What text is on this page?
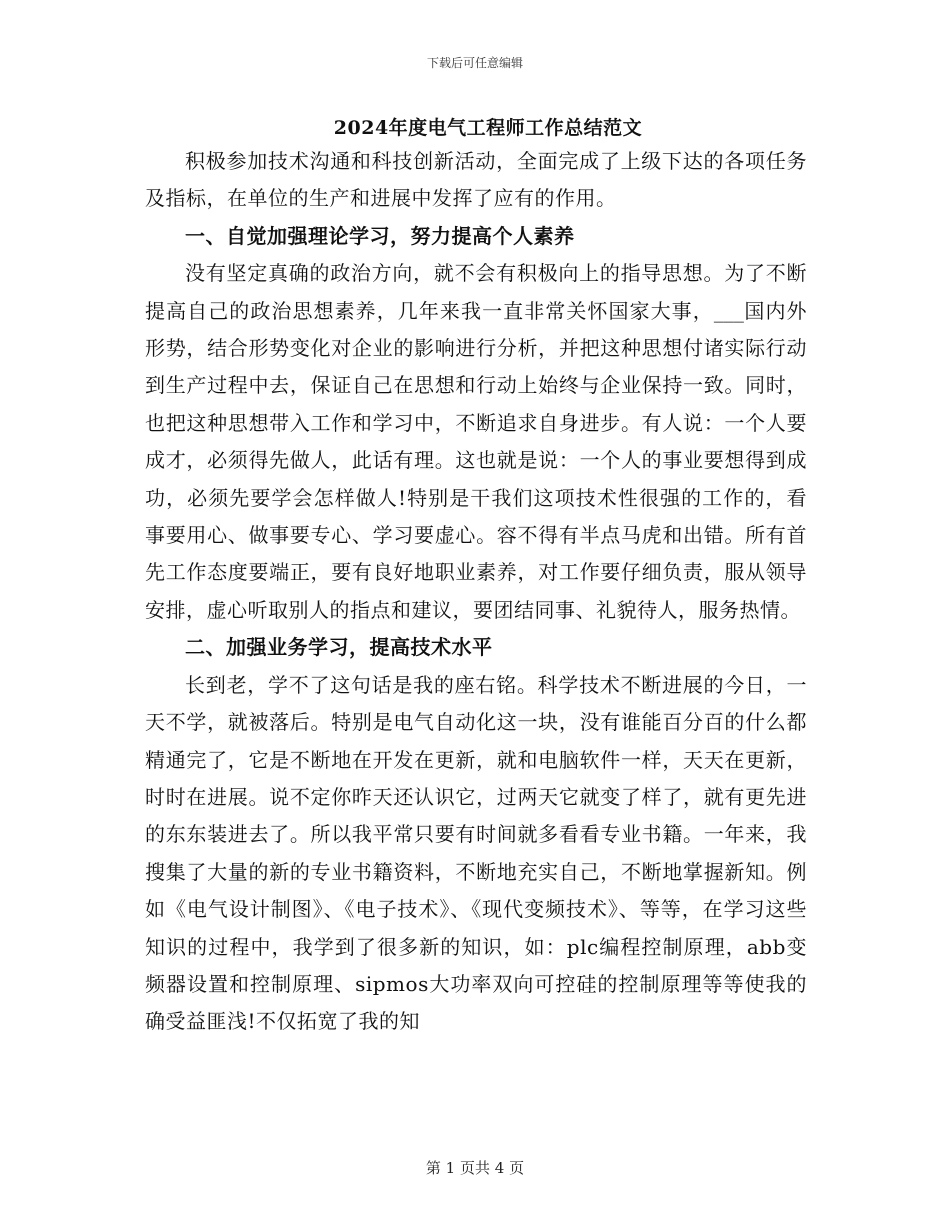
下载后可任意编辑
2024年度电气工程师工作总结范文

积极参加技术沟通和科技创新活动，全面完成了上级下达的各项任务及指标，在单位的生产和进展中发挥了应有的作用。

一、自觉加强理论学习，努力提高个人素养

没有坚定真确的政治方向，就不会有积极向上的指导思想。为了不断提高自己的政治思想素养，几年来我一直非常关怀国家大事，___国内外形势，结合形势变化对企业的影响进行分析，并把这种思想付诸实际行动到生产过程中去，保证自己在思想和行动上始终与企业保持一致。同时，也把这种思想带入工作和学习中，不断追求自身进步。有人说：一个人要成才，必须得先做人，此话有理。这也就是说：一个人的事业要想得到成功，必须先要学会怎样做人!特别是干我们这项技术性很强的工作的，看事要用心、做事要专心、学习要虚心。容不得有半点马虎和出错。所有首先工作态度要端正，要有良好地职业素养，对工作要仔细负责，服从领导安排，虚心听取别人的指点和建议，要团结同事、礼貌待人，服务热情。

二、加强业务学习，提高技术水平

长到老，学不了这句话是我的座右铭。科学技术不断进展的今日，一天不学，就被落后。特别是电气自动化这一块，没有谁能百分百的什么都精通完了，它是不断地在开发在更新，就和电脑软件一样，天天在更新，时时在进展。说不定你昨天还认识它，过两天它就变了样了，就有更先进的东东装进去了。所以我平常只要有时间就多看看专业书籍。一年来，我搜集了大量的新的专业书籍资料，不断地充实自己，不断地掌握新知。例如《电气设计制图》、《电子技术》、《现代变频技术》、等等，在学习这些知识的过程中，我学到了很多新的知识，如：plc编程控制原理，abb变频器设置和控制原理、sipmos大功率双向可控硅的控制原理等等使我的确受益匪浅!不仅拓宽了我的知

第 1 页共 4 页
